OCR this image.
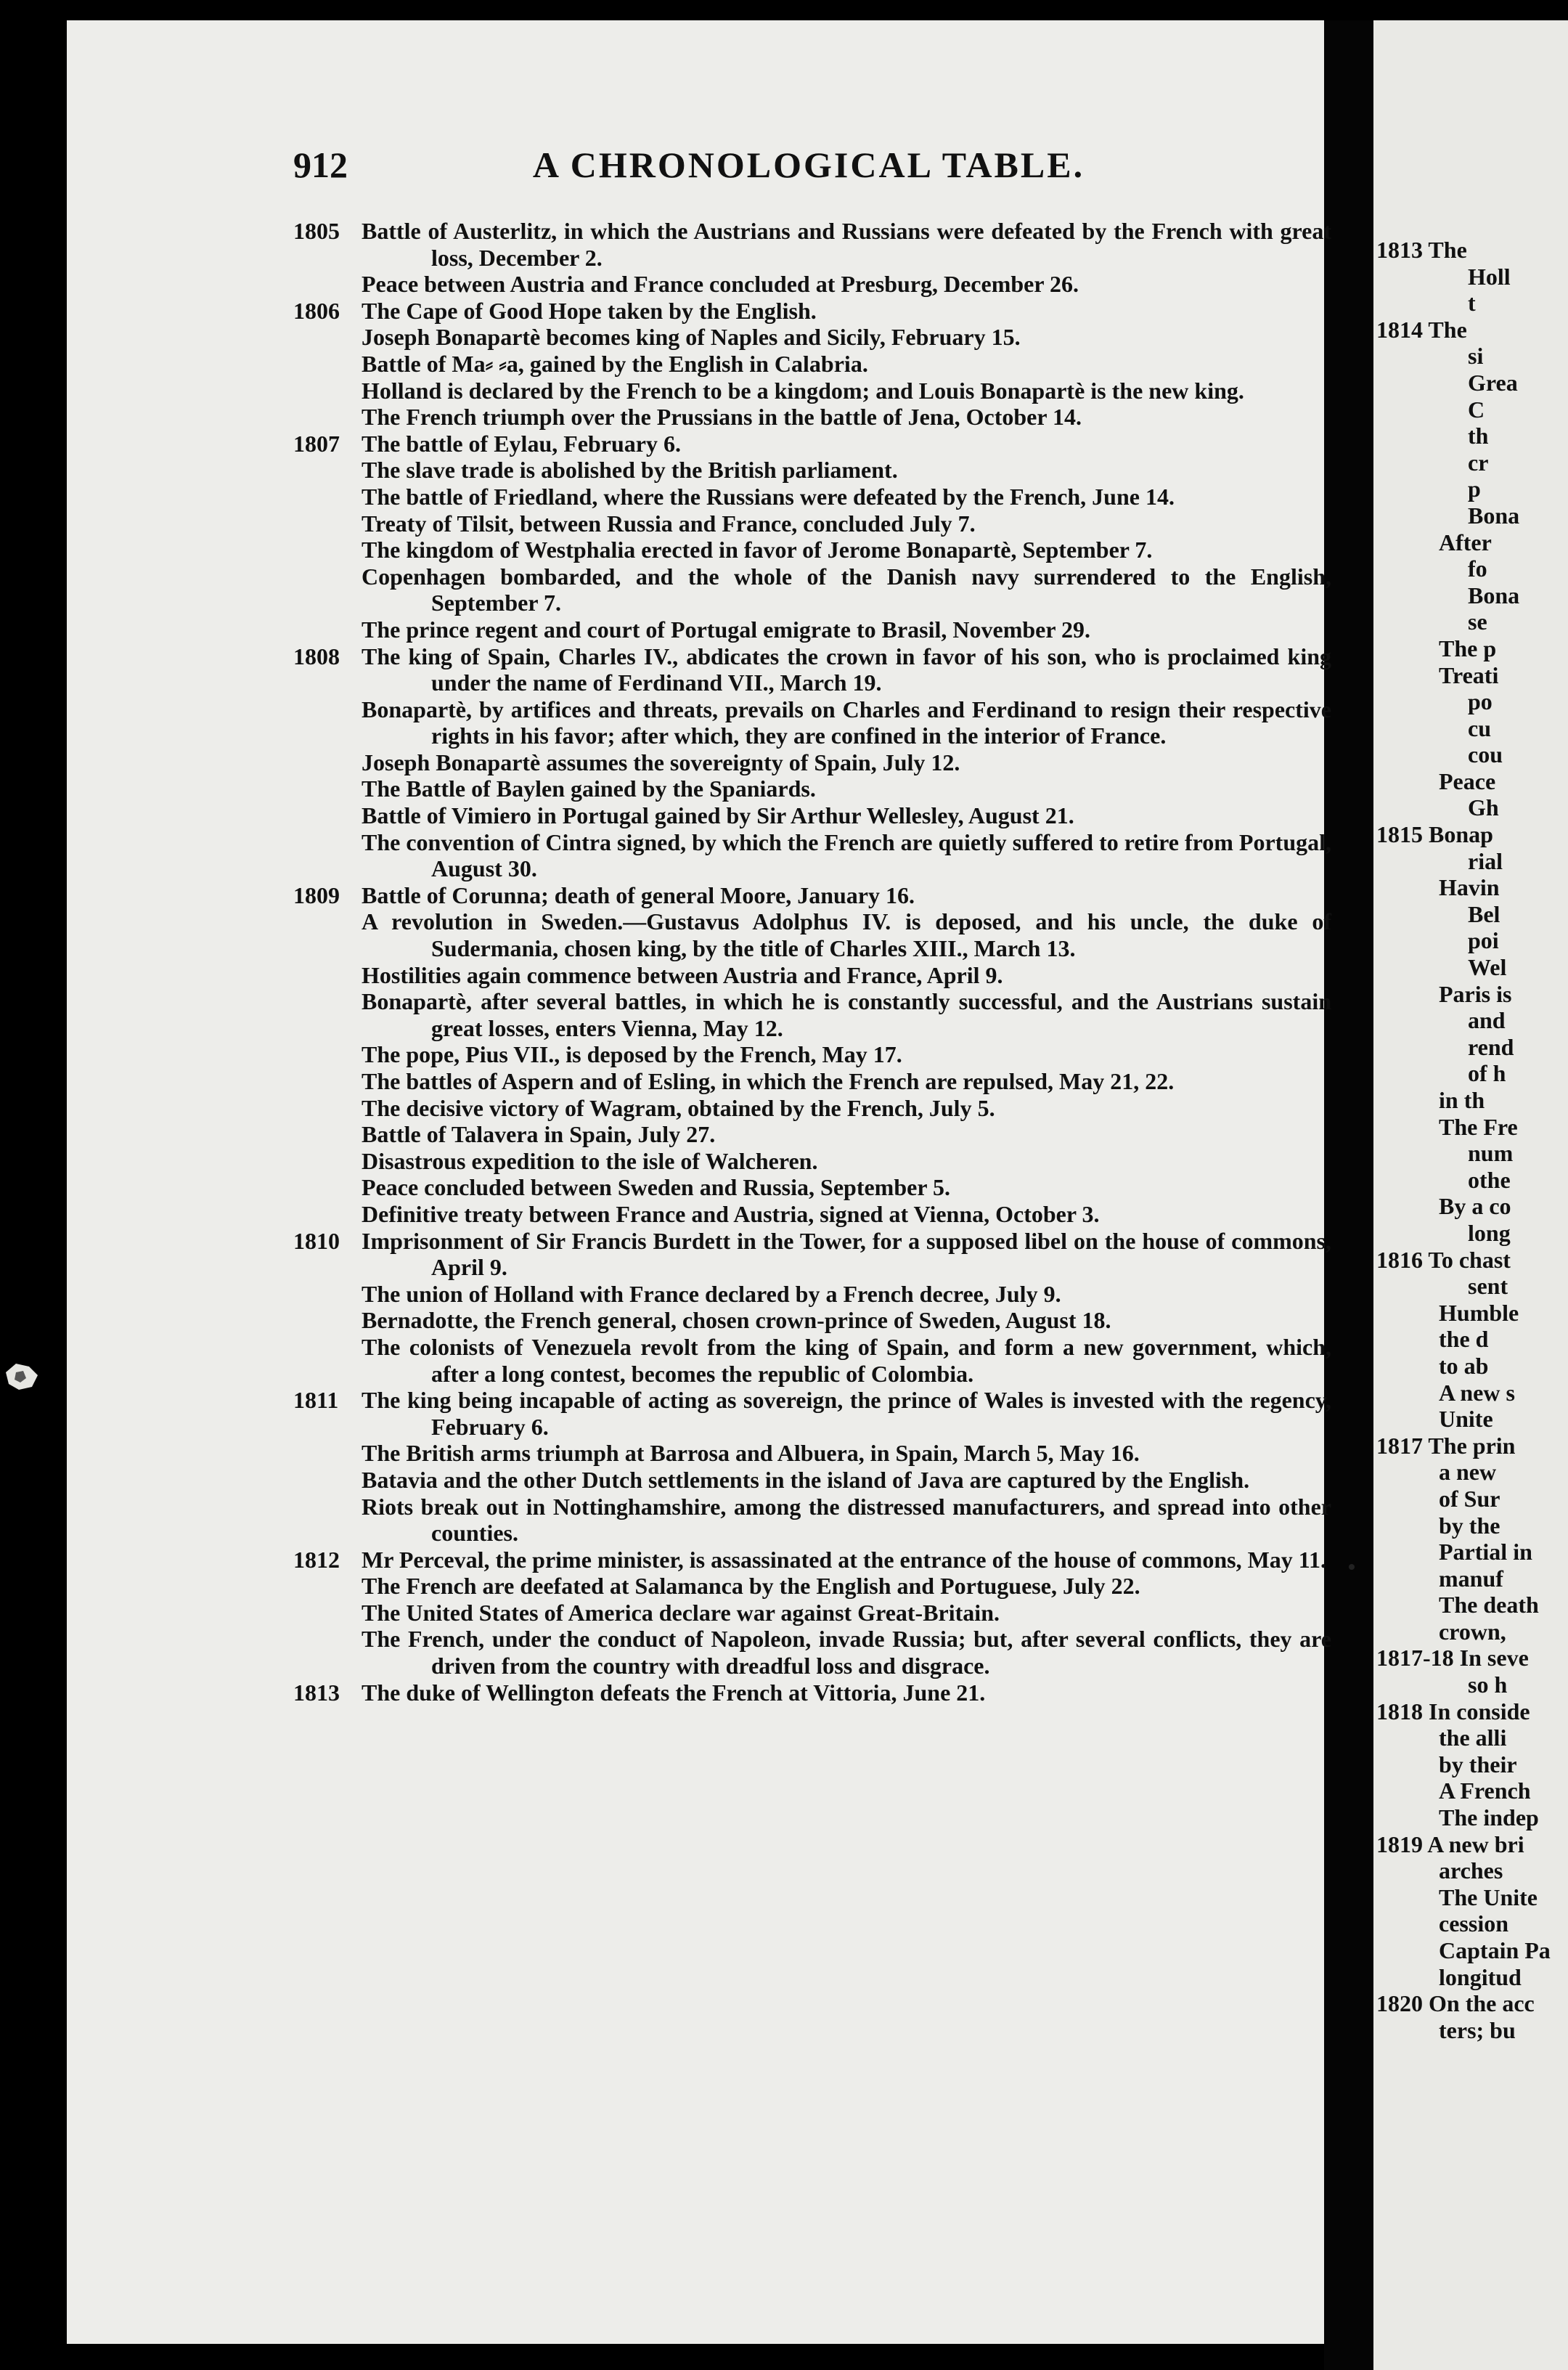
912	A CHRONOLOGICAL TABLE.
1805 Battle of Austerlitz, in which the Austrians and Russians were defeated by the French with great loss, December 2.
Peace between Austria and France concluded at Presburg, December 26.
1806 The Cape of Good Hope taken by the English.
Joseph Bonapartè becomes king of Naples and Sicily, February 15.
Battle of Ma⸗ ⸗a, gained by the English in Calabria.
Holland is declared by the French to be a kingdom; and Louis Bonapartè is the new king.
The French triumph over the Prussians in the battle of Jena, October 14.
1807 The battle of Eylau, February 6.
The slave trade is abolished by the British parliament.
The battle of Friedland, where the Russians were defeated by the French, June 14.
Treaty of Tilsit, between Russia and France, concluded July 7.
The kingdom of Westphalia erected in favor of Jerome Bonapartè, September 7.
Copenhagen bombarded, and the whole of the Danish navy surrendered to the English, September 7.
The prince regent and court of Portugal emigrate to Brasil, November 29.
1808 The king of Spain, Charles IV., abdicates the crown in favor of his son, who is proclaimed king under the name of Ferdinand VII., March 19.
Bonapartè, by artifices and threats, prevails on Charles and Ferdinand to resign their respective rights in his favor; after which, they are confined in the interior of France.
Joseph Bonapartè assumes the sovereignty of Spain, July 12.
The Battle of Baylen gained by the Spaniards.
Battle of Vimiero in Portugal gained by Sir Arthur Wellesley, August 21.
The convention of Cintra signed, by which the French are quietly suffered to retire from Portugal, August 30.
1809 Battle of Corunna; death of general Moore, January 16.
A revolution in Sweden.—Gustavus Adolphus IV. is deposed, and his uncle, the duke of Sudermania, chosen king, by the title of Charles XIII., March 13.
Hostilities again commence between Austria and France, April 9.
Bonapartè, after several battles, in which he is constantly successful, and the Austrians sustain great losses, enters Vienna, May 12.
The pope, Pius VII., is deposed by the French, May 17.
The battles of Aspern and of Esling, in which the French are repulsed, May 21, 22.
The decisive victory of Wagram, obtained by the French, July 5.
Battle of Talavera in Spain, July 27.
Disastrous expedition to the isle of Walcheren.
Peace concluded between Sweden and Russia, September 5.
Definitive treaty between France and Austria, signed at Vienna, October 3.
1810 Imprisonment of Sir Francis Burdett in the Tower, for a supposed libel on the house of commons, April 9.
The union of Holland with France declared by a French decree, July 9.
Bernadotte, the French general, chosen crown-prince of Sweden, August 18.
The colonists of Venezuela revolt from the king of Spain, and form a new government, which, after a long contest, becomes the republic of Colombia.
1811 The king being incapable of acting as sovereign, the prince of Wales is invested with the regency, February 6.
The British arms triumph at Barrosa and Albuera, in Spain, March 5, May 16.
Batavia and the other Dutch settlements in the island of Java are captured by the English.
Riots break out in Nottinghamshire, among the distressed manufacturers, and spread into other counties.
1812 Mr Perceval, the prime minister, is assassinated at the entrance of the house of commons, May 11.
The French are deefated at Salamanca by the English and Portuguese, July 22.
The United States of America declare war against Great-Britain.
The French, under the conduct of Napoleon, invade Russia; but, after several conflicts, they are driven from the country with dreadful loss and disgrace.
1813 The duke of Wellington defeats the French at Vittoria, June 21.
1813 The
Holl
t
1814 The
si
Grea
C
th
cr
p
Bona
After
fo
Bona
se
The p
Treati
po
cu
cou
Peace
Gh
1815 Bonap
rial
Havin
Bel
poi
Wel
Paris is
and
rend
of h
in th
The Fre
num
othe
By a co
long
1816 To chast
sent
Humble
the d
to ab
A new s
Unite
1817 The prin
a new
of Sur
by the
Partial in
manuf
The death
crown,
1817-18 In seve
so h
1818 In conside
the alli
by their
A French
The indep
1819 A new bri
arches
The Unite
cession
Captain Pa
longitud
1820 On the acc
ters; bu
